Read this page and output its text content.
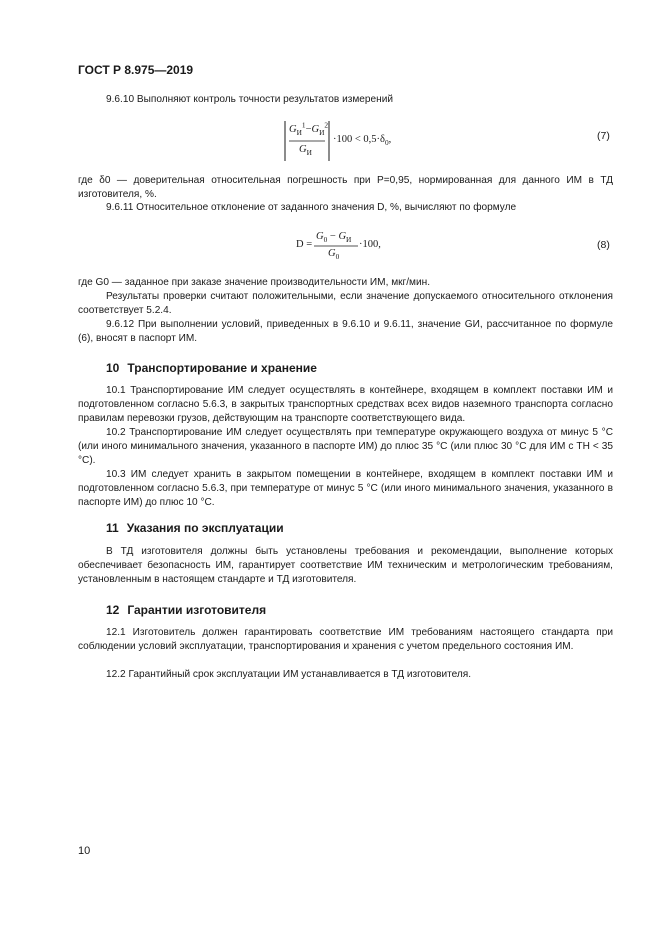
ГОСТ Р 8.975—2019
9.6.10 Выполняют контроль точности результатов измерений
$G_И^1-G_И^2$
$G_И$
$\cdot 100 < 0,5\cdot\delta_0$,	(7)
где δ0 — доверительная относительная погрешность при P=0,95, нормированная для данного ИМ в ТД изготовителя, %.
9.6.11 Относительное отклонение от заданного значения D, %, вычисляют по формуле
D =
$G_0 - G_И$
$G_0$
·100,	(8)
где G0 — заданное при заказе значение производительности ИМ, мкг/мин.
Результаты проверки считают положительными, если значение допускаемого относительного отклонения соответствует 5.2.4.
9.6.12 При выполнении условий, приведенных в 9.6.10 и 9.6.11, значение GИ, рассчитанное по формуле (6), вносят в паспорт ИМ.
10 Транспортирование и хранение
10.1 Транспортирование ИМ следует осуществлять в контейнере, входящем в комплект поставки ИМ и подготовленном согласно 5.6.3, в закрытых транспортных средствах всех видов наземного транспорта согласно правилам перевозки грузов, действующим на транспорте соответствующего вида.
10.2 Транспортирование ИМ следует осуществлять при температуре окружающего воздуха от минус 5 °С (или иного минимального значения, указанного в паспорте ИМ) до плюс 35 °С (или плюс 30 °С для ИМ с TН < 35 °С).
10.3 ИМ следует хранить в закрытом помещении в контейнере, входящем в комплект поставки ИМ и подготовленном согласно 5.6.3, при температуре от минус 5 °С (или иного минимального значения, указанного в паспорте ИМ) до плюс 10 °С.
11 Указания по эксплуатации
В ТД изготовителя должны быть установлены требования и рекомендации, выполнение которых обеспечивает безопасность ИМ, гарантирует соответствие ИМ техническим и метрологическим требованиям, установленным в настоящем стандарте и ТД изготовителя.
12 Гарантии изготовителя
12.1 Изготовитель должен гарантировать соответствие ИМ требованиям настоящего стандарта при соблюдении условий эксплуатации, транспортирования и хранения с учетом предельного состояния ИМ.
12.2 Гарантийный срок эксплуатации ИМ устанавливается в ТД изготовителя.
10
